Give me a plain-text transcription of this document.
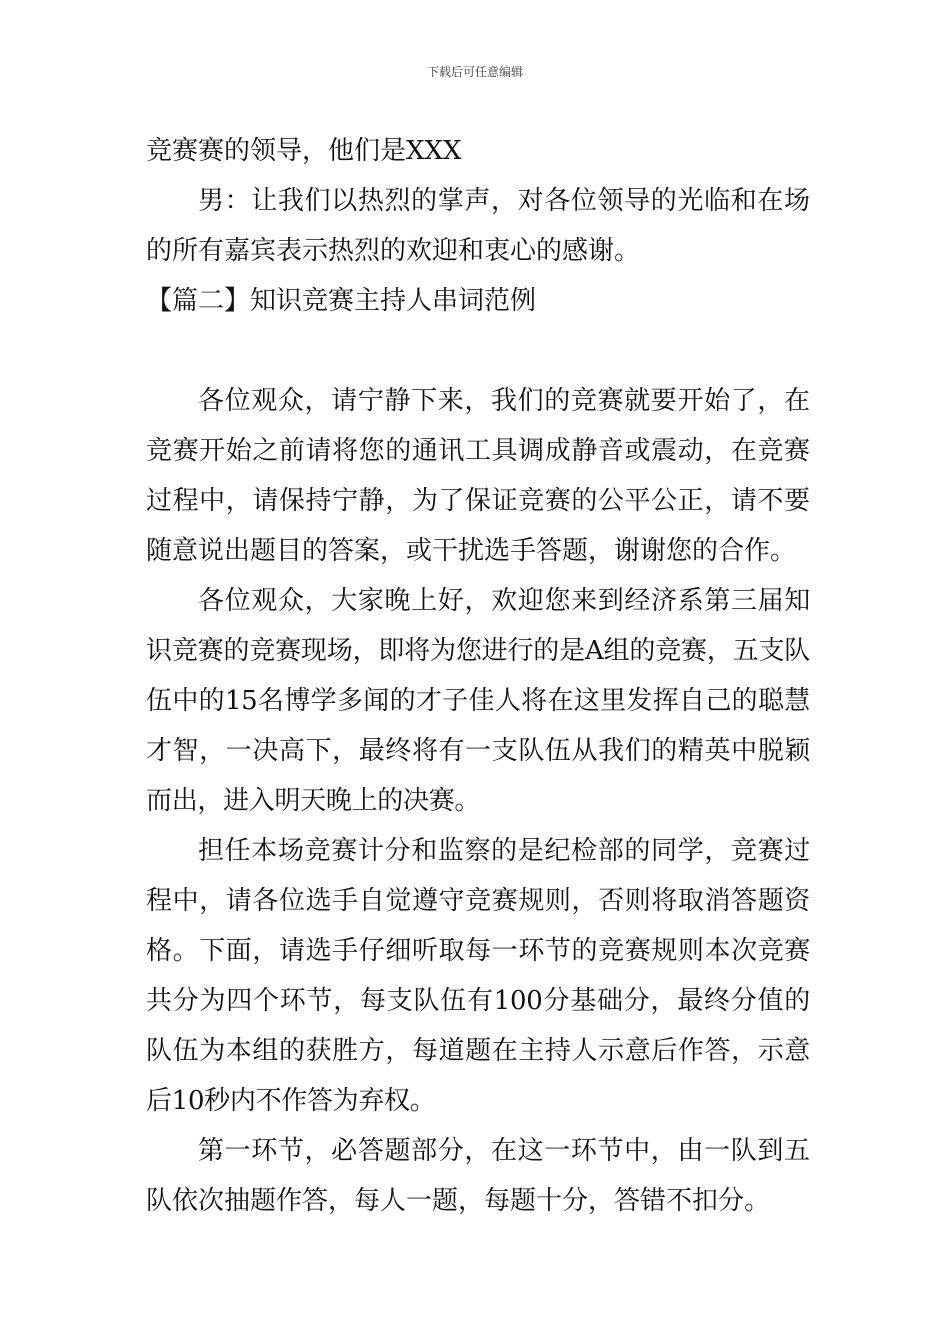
下载后可任意编辑

竞赛赛的领导，他们是XXX

男：让我们以热烈的掌声，对各位领导的光临和在场的所有嘉宾表示热烈的欢迎和衷心的感谢。

【篇二】知识竞赛主持人串词范例

各位观众，请宁静下来，我们的竞赛就要开始了，在竞赛开始之前请将您的通讯工具调成静音或震动，在竞赛过程中，请保持宁静，为了保证竞赛的公平公正，请不要随意说出题目的答案，或干扰选手答题，谢谢您的合作。

各位观众，大家晚上好，欢迎您来到经济系第三届知识竞赛的竞赛现场，即将为您进行的是A组的竞赛，五支队伍中的15名博学多闻的才子佳人将在这里发挥自己的聪慧才智，一决高下，最终将有一支队伍从我们的精英中脱颖而出，进入明天晚上的决赛。

担任本场竞赛计分和监察的是纪检部的同学，竞赛过程中，请各位选手自觉遵守竞赛规则，否则将取消答题资格。下面，请选手仔细听取每一环节的竞赛规则本次竞赛共分为四个环节，每支队伍有100分基础分，最终分值的队伍为本组的获胜方，每道题在主持人示意后作答，示意后10秒内不作答为弃权。

第一环节，必答题部分，在这一环节中，由一队到五队依次抽题作答，每人一题，每题十分，答错不扣分。
